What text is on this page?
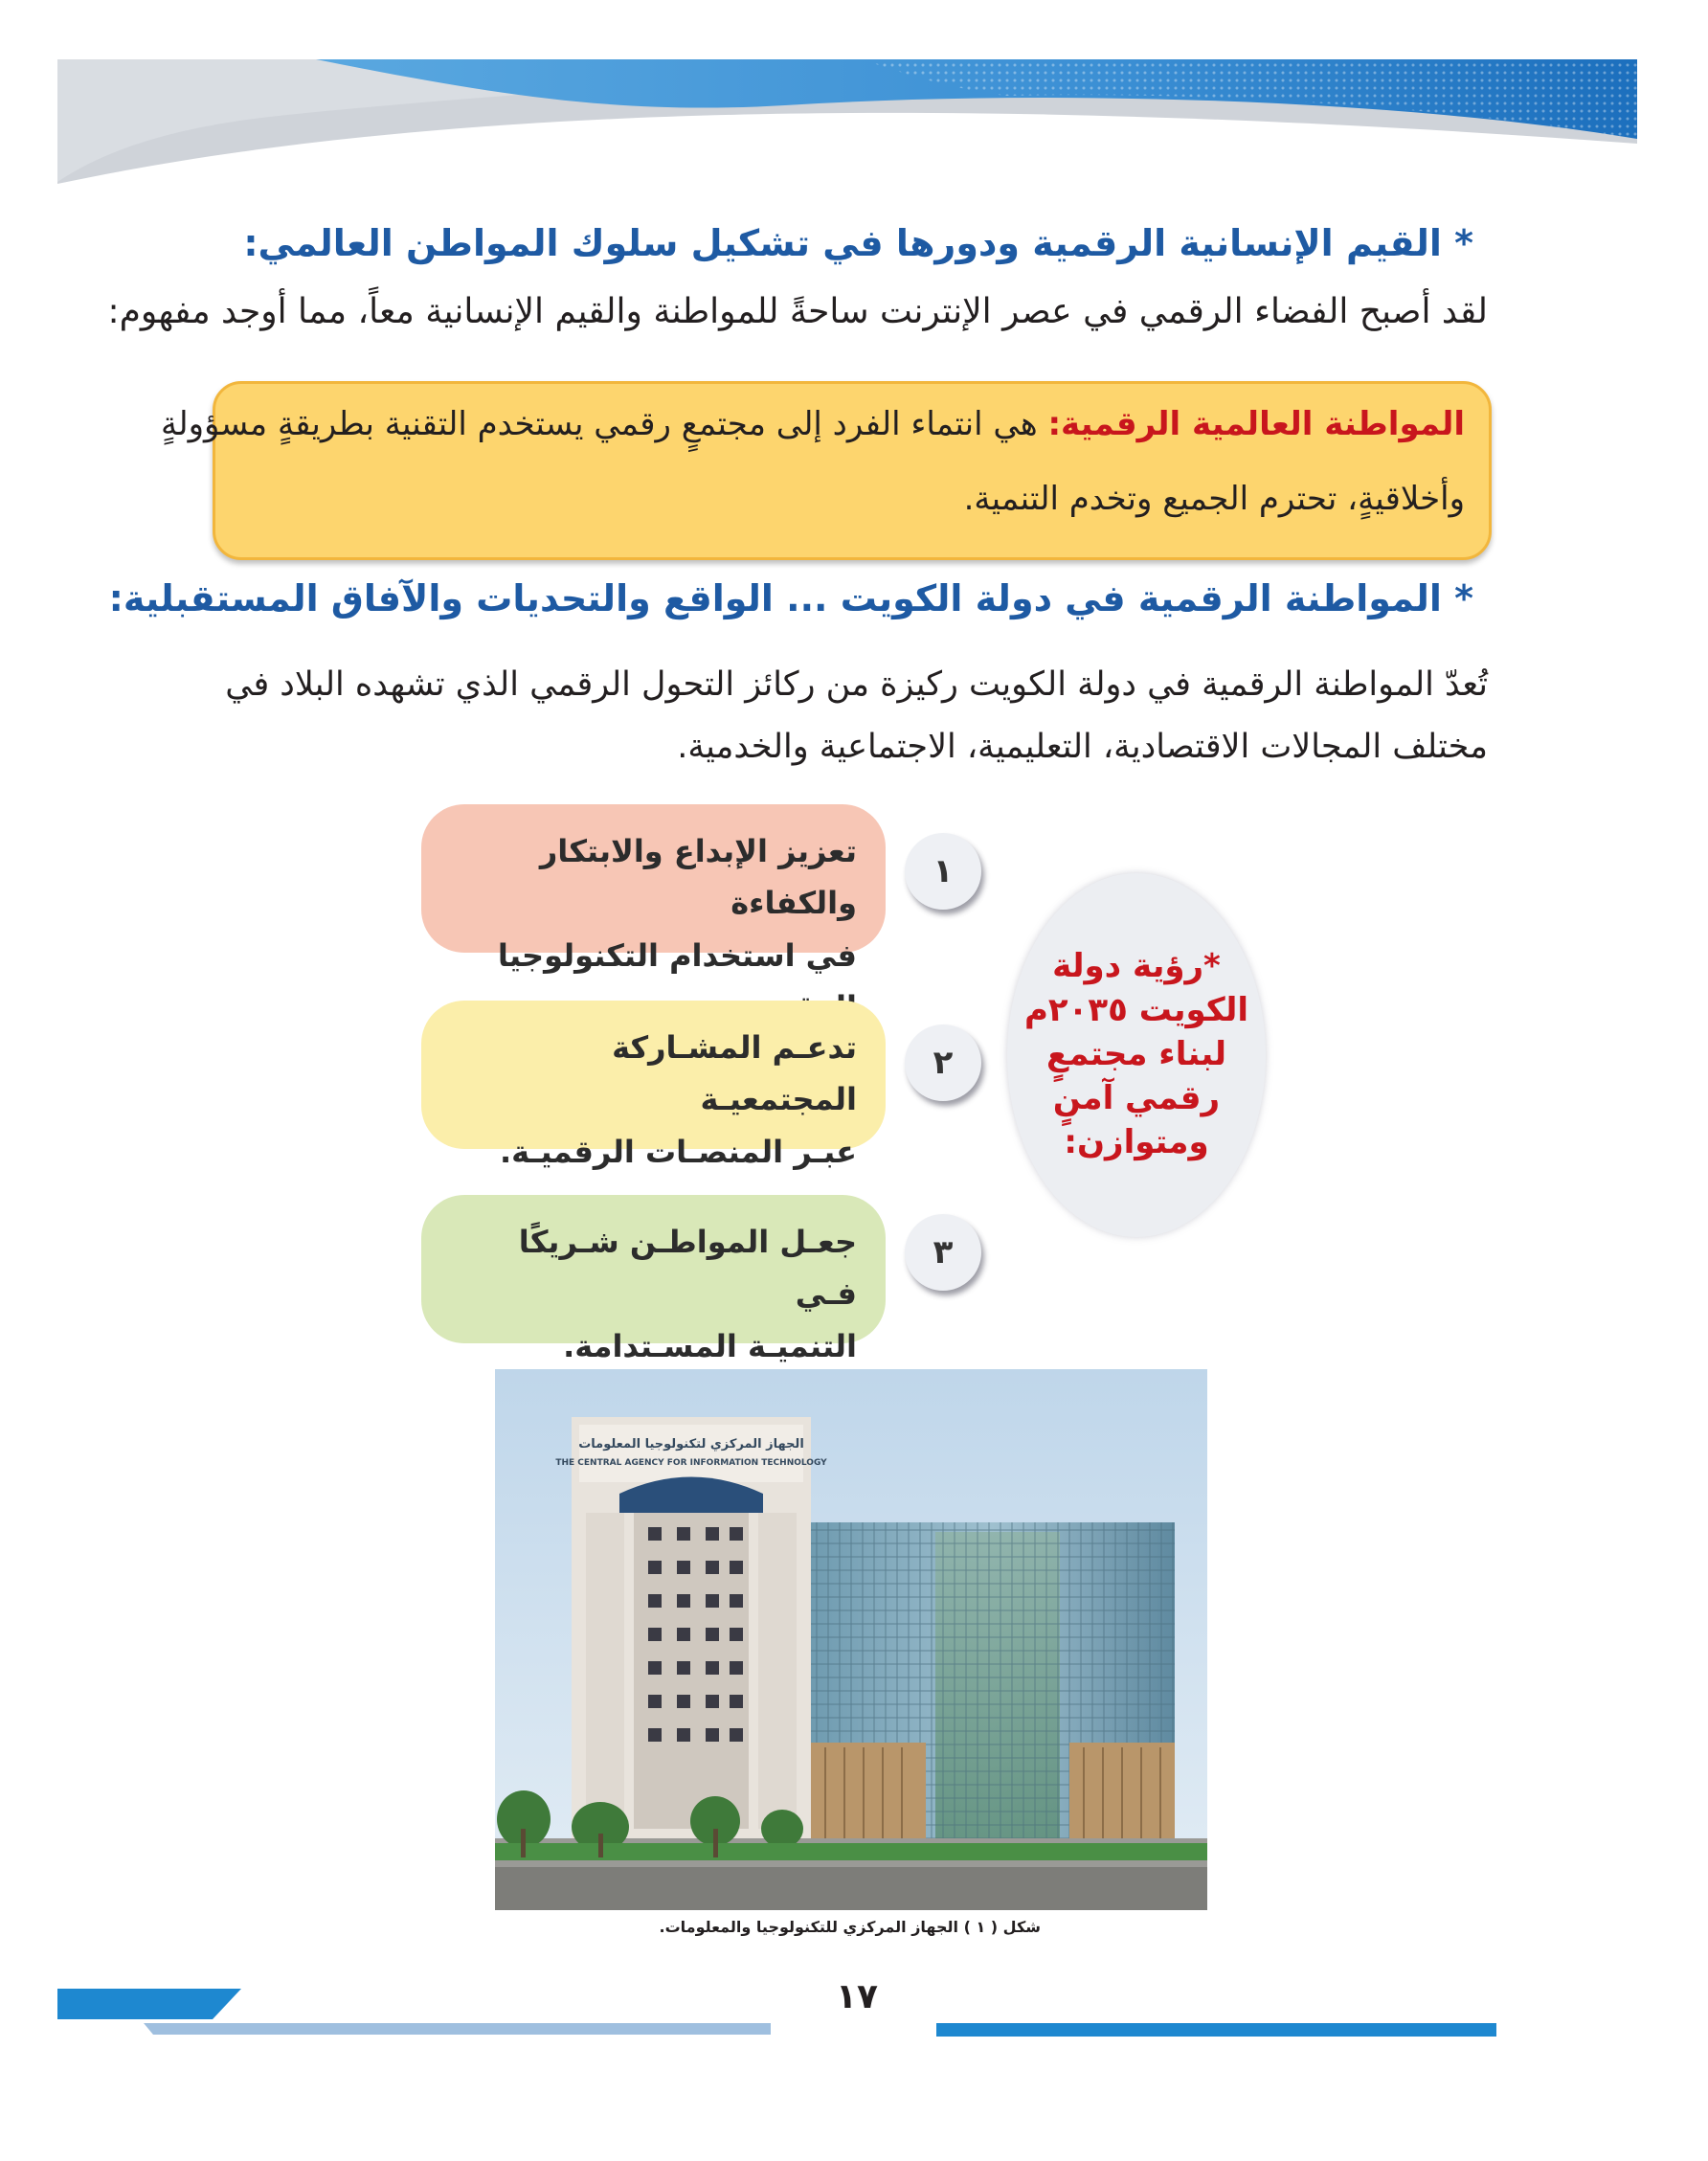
* القيم الإنسانية الرقمية ودورها في تشكيل سلوك المواطن العالمي:
لقد أصبح الفضاء الرقمي في عصر الإنترنت ساحةً للمواطنة والقيم الإنسانية معاً، مما أوجد مفهوم:
المواطنة العالمية الرقمية: هي انتماء الفرد إلى مجتمعٍ رقمي يستخدم التقنية بطريقةٍ مسؤولةٍ
وأخلاقيةٍ، تحترم الجميع وتخدم التنمية.
* المواطنة الرقمية في دولة الكويت ... الواقع والتحديات والآفاق المستقبلية:
تُعدّ المواطنة الرقمية في دولة الكويت ركيزة من ركائز التحول الرقمي الذي تشهده البلاد في
مختلف المجالات الاقتصادية، التعليمية، الاجتماعية والخدمية.
تعزيز الإبداع والابتكار والكفاءة
في استخدام التكنولوجيا
تدعـم المشـاركة المجتمعيـة
عبـر المنصـات الرقميـة.
جعـل المواطـن شـريكًا فـي
التنميـة المسـتدامة.
١
٢
٣
*رؤية دولة
الكويت ٢٠٣٥م
لبناء مجتمعٍ
رقمي آمنٍ
ومتوازن:
الجهاز المركزي لتكنولوجيا المعلومات
THE CENTRAL AGENCY FOR INFORMATION TECHNOLOGY
شكل ( ١ ) الجهاز المركزي للتكنولوجيا والمعلومات.
١٧
